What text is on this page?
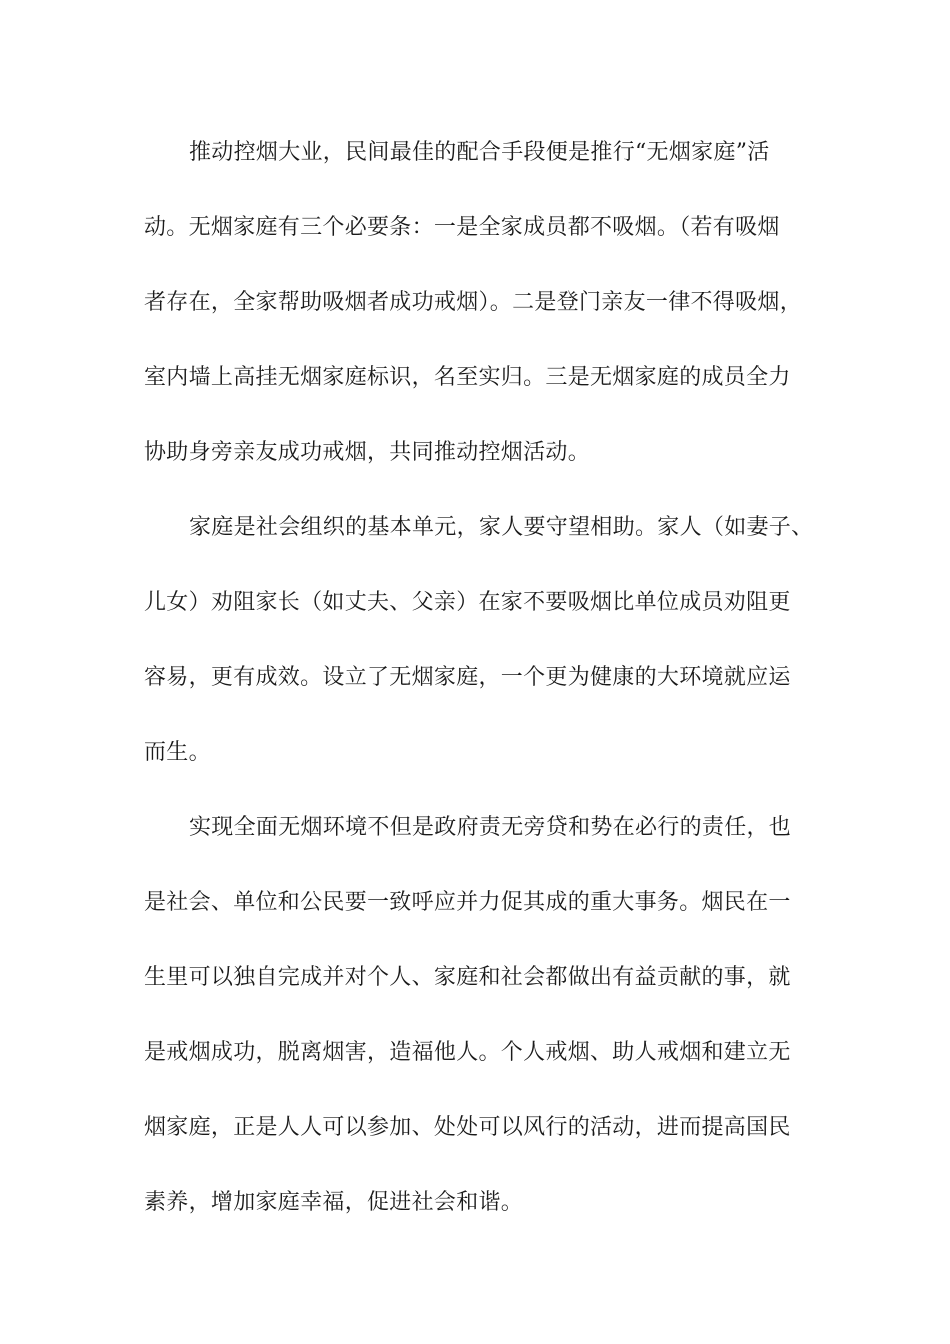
推动控烟大业，民间最佳的配合手段便是推行“无烟家庭”活
动。无烟家庭有三个必要条：一是全家成员都不吸烟。（若有吸烟
者存在，全家帮助吸烟者成功戒烟）。二是登门亲友一律不得吸烟，
室内墙上高挂无烟家庭标识，名至实归。三是无烟家庭的成员全力
协助身旁亲友成功戒烟，共同推动控烟活动。
家庭是社会组织的基本单元，家人要守望相助。家人（如妻子、
儿女）劝阻家长（如丈夫、父亲）在家不要吸烟比单位成员劝阻更
容易，更有成效。设立了无烟家庭，一个更为健康的大环境就应运
而生。
实现全面无烟环境不但是政府责无旁贷和势在必行的责任，也
是社会、单位和公民要一致呼应并力促其成的重大事务。烟民在一
生里可以独自完成并对个人、家庭和社会都做出有益贡献的事，就
是戒烟成功，脱离烟害，造福他人。个人戒烟、助人戒烟和建立无
烟家庭，正是人人可以参加、处处可以风行的活动，进而提高国民
素养，增加家庭幸福，促进社会和谐。
